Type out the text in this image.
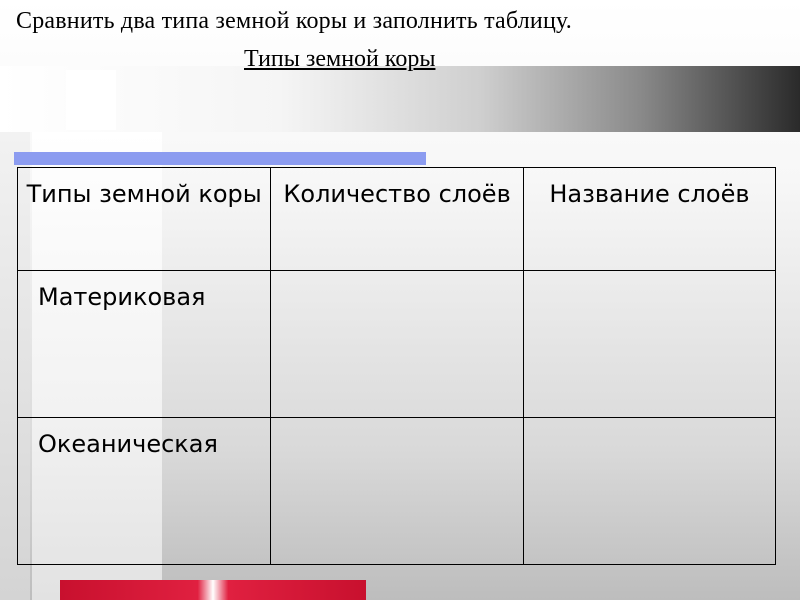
Сравнить два типа земной коры и заполнить таблицу.
Типы земной коры
Типы земной коры	Количество слоёв	Название слоёв

Материковая		

Океаническая		
